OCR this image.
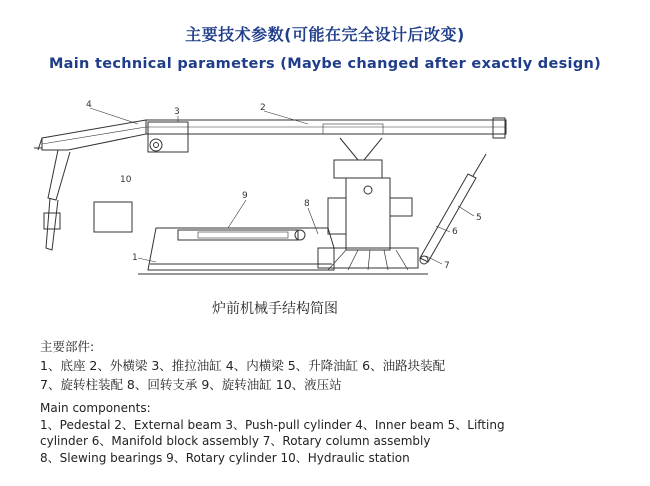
主要技术参数(可能在完全设计后改变)
Main technical parameters (Maybe changed after exactly design)
4
3	2
10
9
8
5
6
7
1
炉前机械手结构简图
主要部件:
1、底座 2、外横梁 3、推拉油缸 4、内横梁 5、升降油缸 6、油路块装配
7、旋转柱装配 8、回转支承 9、旋转油缸 10、液压站
Main components:
1、Pedestal 2、External beam 3、Push-pull cylinder 4、Inner beam 5、Lifting
cylinder 6、Manifold block assembly 7、Rotary column assembly
8、Slewing bearings 9、Rotary cylinder 10、Hydraulic station
